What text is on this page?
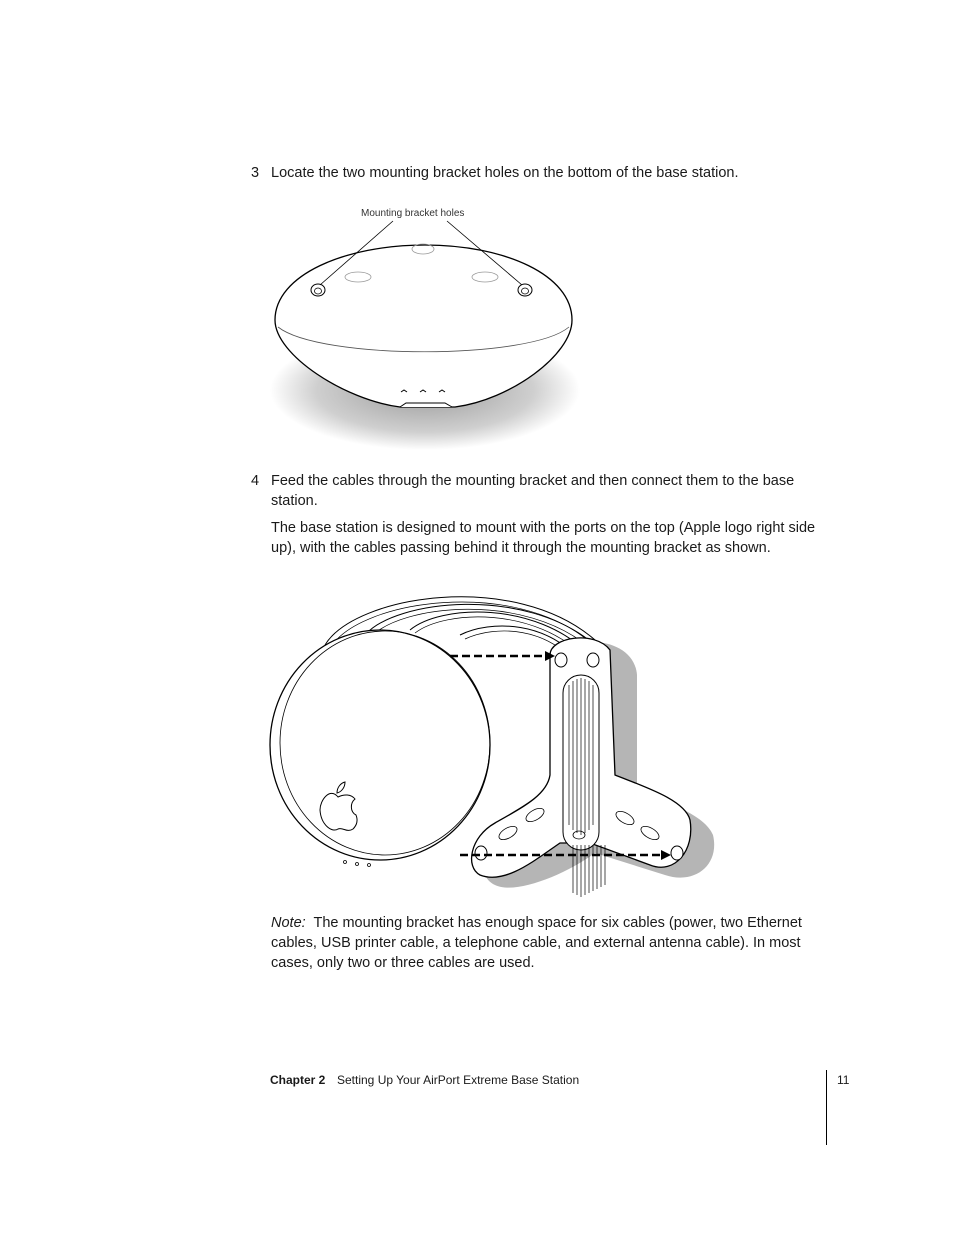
3 Locate the two mounting bracket holes on the bottom of the base station.
Mounting bracket holes
4 Feed the cables through the mounting bracket and then connect them to the base station.
The base station is designed to mount with the ports on the top (Apple logo right side up), with the cables passing behind it through the mounting bracket as shown.
Note: The mounting bracket has enough space for six cables (power, two Ethernet cables, USB printer cable, a telephone cable, and external antenna cable). In most cases, only two or three cables are used.
Chapter 2 Setting Up Your AirPort Extreme Base Station	11
